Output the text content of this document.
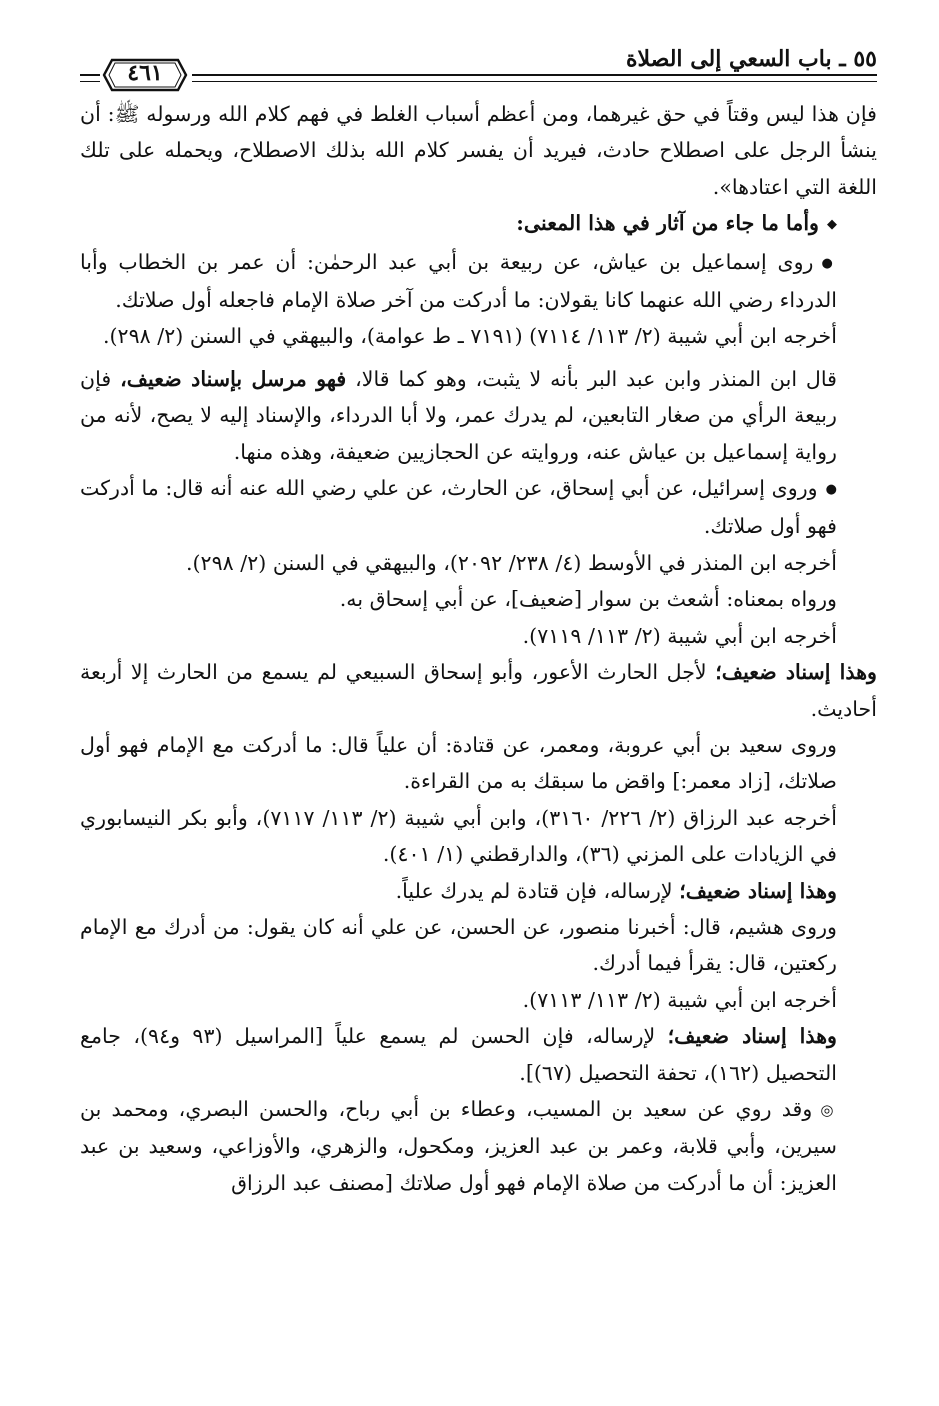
٥٥ ـ باب السعي إلى الصلاة
٤٦١

فإن هذا ليس وقتاً في حق غيرهما، ومن أعظم أسباب الغلط في فهم كلام الله ورسوله ﷺ: أن ينشأ الرجل على اصطلاح حادث، فيريد أن يفسر كلام الله بذلك الاصطلاح، ويحمله على تلك اللغة التي اعتادها».

◆ وأما ما جاء من آثار في هذا المعنى:

● روى إسماعيل بن عياش، عن ربيعة بن أبي عبد الرحمٰن: أن عمر بن الخطاب وأبا الدرداء رضي الله عنهما كانا يقولان: ما أدركت من آخر صلاة الإمام فاجعله أول صلاتك.

أخرجه ابن أبي شيبة (٢/ ١١٣/ ٧١١٤) (٧١٩١ ـ ط عوامة)، والبيهقي في السنن (٢/ ٢٩٨).

قال ابن المنذر وابن عبد البر بأنه لا يثبت، وهو كما قالا، فهو مرسل بإسناد ضعيف، فإن ربيعة الرأي من صغار التابعين، لم يدرك عمر، ولا أبا الدرداء، والإسناد إليه لا يصح، لأنه من رواية إسماعيل بن عياش عنه، وروايته عن الحجازيين ضعيفة، وهذه منها.

● وروى إسرائيل، عن أبي إسحاق، عن الحارث، عن علي رضي الله عنه أنه قال: ما أدركت فهو أول صلاتك.

أخرجه ابن المنذر في الأوسط (٤/ ٢٣٨/ ٢٠٩٢)، والبيهقي في السنن (٢/ ٢٩٨).

ورواه بمعناه: أشعث بن سوار [ضعيف]، عن أبي إسحاق به.

أخرجه ابن أبي شيبة (٢/ ١١٣/ ٧١١٩).

وهذا إسناد ضعيف؛ لأجل الحارث الأعور، وأبو إسحاق السبيعي لم يسمع من الحارث إلا أربعة أحاديث.

وروى سعيد بن أبي عروبة، ومعمر، عن قتادة: أن علياً قال: ما أدركت مع الإمام فهو أول صلاتك، [زاد معمر:] واقض ما سبقك به من القراءة.

أخرجه عبد الرزاق (٢/ ٢٢٦/ ٣١٦٠)، وابن أبي شيبة (٢/ ١١٣/ ٧١١٧)، وأبو بكر النيسابوري في الزيادات على المزني (٣٦)، والدارقطني (١/ ٤٠١).

وهذا إسناد ضعيف؛ لإرساله، فإن قتادة لم يدرك علياً.

وروى هشيم، قال: أخبرنا منصور، عن الحسن، عن علي أنه كان يقول: من أدرك مع الإمام ركعتين، قال: يقرأ فيما أدرك.

أخرجه ابن أبي شيبة (٢/ ١١٣/ ٧١١٣).

وهذا إسناد ضعيف؛ لإرساله، فإن الحسن لم يسمع علياً [المراسيل (٩٣ و٩٤)، جامع التحصيل (١٦٢)، تحفة التحصيل (٦٧)].

◎ وقد روي عن سعيد بن المسيب، وعطاء بن أبي رباح، والحسن البصري، ومحمد بن سيرين، وأبي قلابة، وعمر بن عبد العزيز، ومكحول، والزهري، والأوزاعي، وسعيد بن عبد العزيز: أن ما أدركت من صلاة الإمام فهو أول صلاتك [مصنف عبد الرزاق
